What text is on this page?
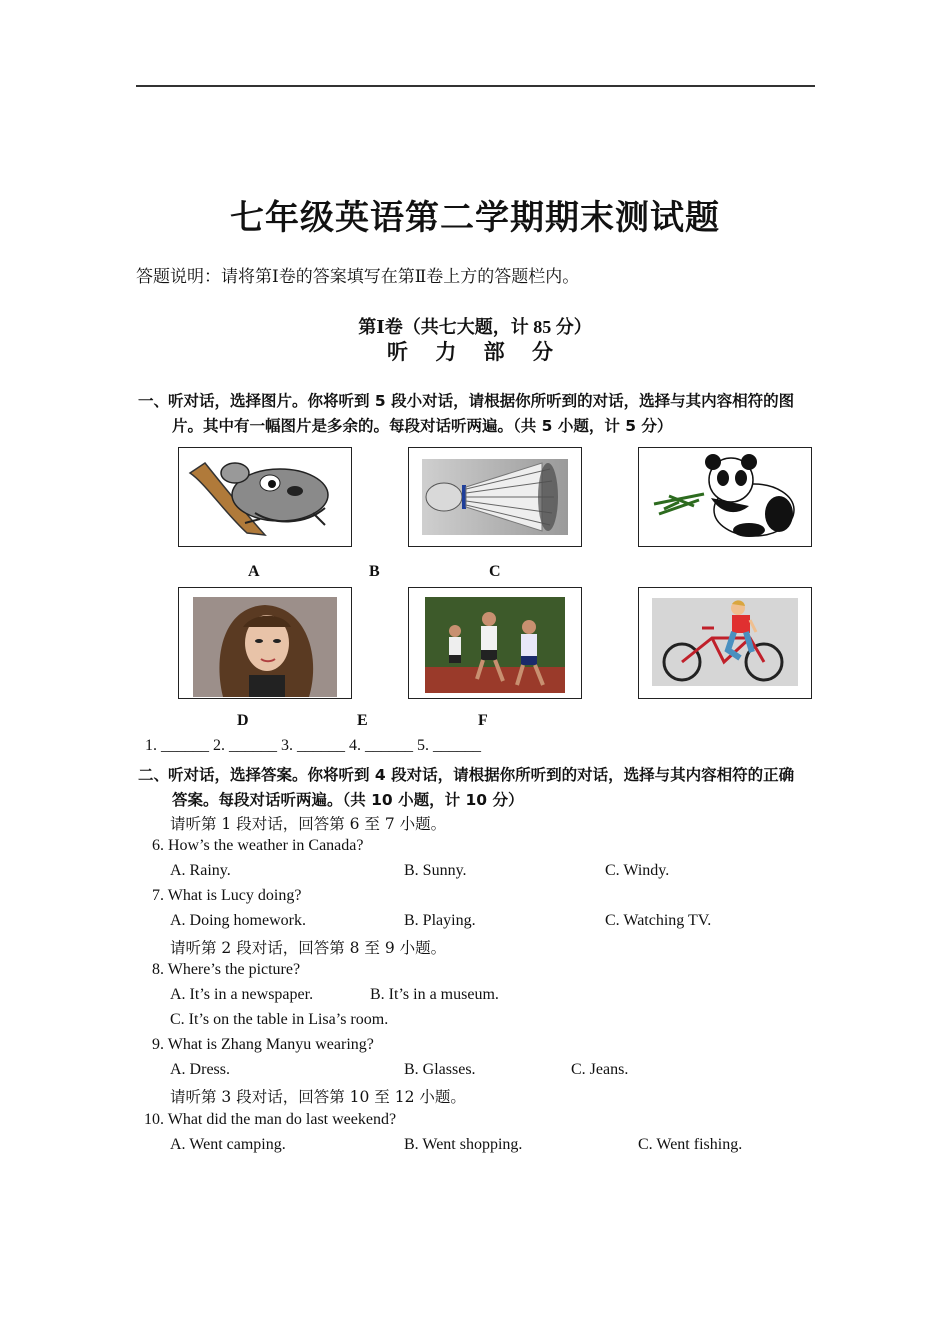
七年级英语第二学期期末测试题
答题说明：请将第Ⅰ卷的答案填写在第Ⅱ卷上方的答题栏内。
第Ⅰ卷（共七大题，计 85 分）
听 力 部 分
一、
听对话，选择图片。你将听到 5 段小对话，请根据你所听到的对话，选择与其内容相符的图
片。其中有一幅图片是多余的。每段对话听两遍。（共 5 小题，计 5 分）
A	B	C
D	E	F
1. ______ 2. ______ 3. ______ 4. ______ 5. ______
二、
听对话，选择答案。你将听到 4 段对话，请根据你所听到的对话，选择与其内容相符的正确
答案。每段对话听两遍。（共 10 小题，计 10 分）
请听第 1 段对话，回答第 6 至 7 小题。
6. How’s the weather in Canada?
A. Rainy.	B. Sunny.	C. Windy.
7. What is Lucy doing?
A. Doing homework.	B. Playing.	C. Watching TV.
请听第 2 段对话，回答第 8 至 9 小题。
8. Where’s the picture?
A. It’s in a newspaper.	B. It’s in a museum.
C. It’s on the table in Lisa’s room.
9. What is Zhang Manyu wearing?
A. Dress.	B. Glasses.	C. Jeans.
请听第 3 段对话，回答第 10 至 12 小题。
10. What did the man do last weekend?
A. Went camping.	B. Went shopping.	C. Went fishing.
